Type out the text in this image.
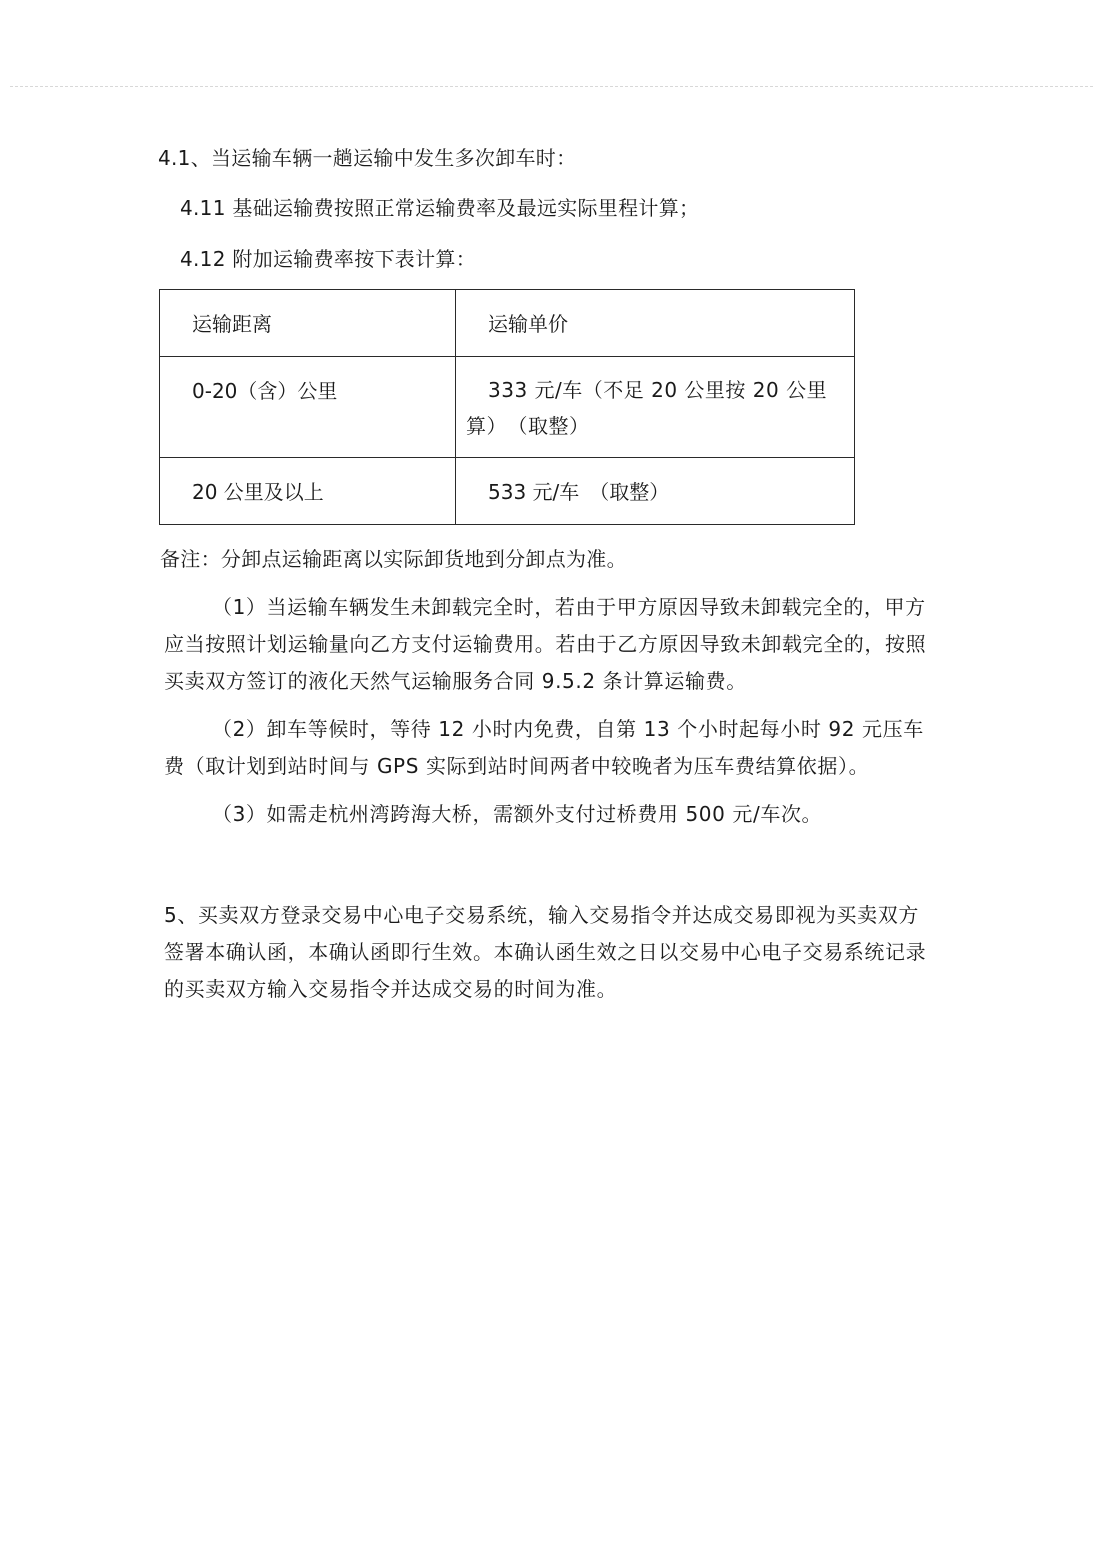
4.1、当运输车辆一趟运输中发生多次卸车时：
4.11 基础运输费按照正常运输费率及最远实际里程计算；
4.12 附加运输费率按下表计算：
运输距离	运输单价

0-20（含）公里	333 元/车（不足 20 公里按 20 公里算）　（取整）

20 公里及以上	533 元/车　（取整）
备注：分卸点运输距离以实际卸货地到分卸点为准。
（1）当运输车辆发生未卸载完全时，若由于甲方原因导致未卸载完全的，甲方应当按照计划运输量向乙方支付运输费用。若由于乙方原因导致未卸载完全的，按照买卖双方签订的液化天然气运输服务合同 9.5.2 条计算运输费。
（2）卸车等候时，等待 12 小时内免费，自第 13 个小时起每小时 92 元压车费（取计划到站时间与 GPS 实际到站时间两者中较晚者为压车费结算依据）。
（3）如需走杭州湾跨海大桥，需额外支付过桥费用 500 元/车次。
5、买卖双方登录交易中心电子交易系统，输入交易指令并达成交易即视为买卖双方签署本确认函，本确认函即行生效。本确认函生效之日以交易中心电子交易系统记录的买卖双方输入交易指令并达成交易的时间为准。
